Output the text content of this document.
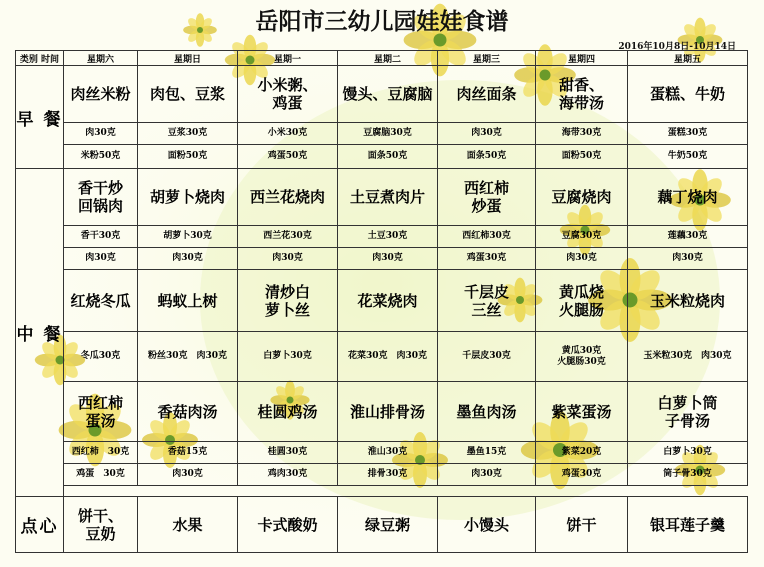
岳阳市三幼儿园娃娃食谱
2016年10月8日-10月14日
类别 时间	星期六	星期日	星期一	星期二	星期三	星期四	星期五
早 餐	肉丝米粉	肉包、豆浆	小米粥、
鸡蛋	馒头、豆腐脑	肉丝面条	甜香、
海带汤	蛋糕、牛奶

	肉30克	豆浆30克	小米30克	豆腐脑30克	肉30克	海带30克	蛋糕30克
	米粉50克	面粉50克	鸡蛋50克	面条50克	面条50克	面粉50克	牛奶50克
中 餐	香干炒
回锅肉	胡萝卜烧肉	西兰花烧肉	土豆煮肉片	西红柿
炒蛋	豆腐烧肉	藕丁烧肉

	香干30克	胡萝卜30克	西兰花30克	土豆30克	西红柿30克	豆腐30克	莲藕30克
	肉30克	肉30克	肉30克	肉30克	鸡蛋30克	肉30克	肉30克

	红烧冬瓜	蚂蚁上树	清炒白
萝卜丝	花菜烧肉	千层皮
三丝	黄瓜烧
火腿肠	玉米粒烧肉

	冬瓜30克	粉丝30克　肉30克	白萝卜30克	花菜30克　肉30克	千层皮30克	黄瓜30克
火腿肠30克	玉米粒30克　肉30克

	西红柿
蛋汤	香菇肉汤	桂圆鸡汤	淮山排骨汤	墨鱼肉汤	紫菜蛋汤	白萝卜筒
子骨汤

	西红柿　30克	香菇15克	桂圆30克	淮山30克	墨鱼15克	紫菜20克	白萝卜30克
	鸡蛋　30克	肉30克	鸡肉30克	排骨30克	肉30克	鸡蛋30克	筒子骨30克

点心	饼干、
豆奶	水果	卡式酸奶	绿豆粥	小馒头	饼干	银耳莲子羹
